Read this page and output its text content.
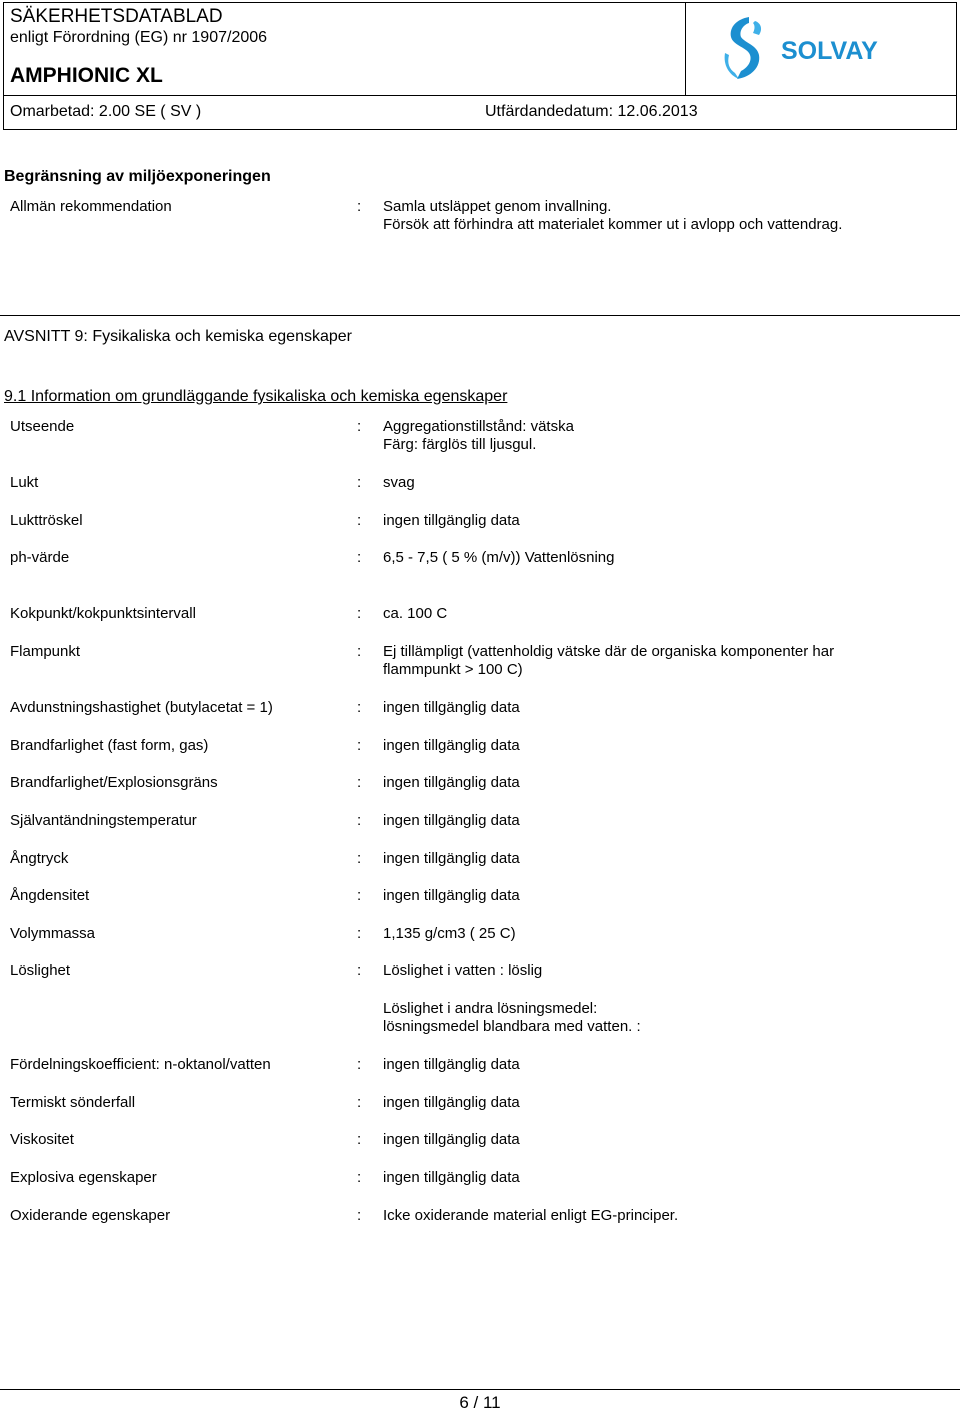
SÄKERHETSDATABLAD
enligt Förordning (EG) nr 1907/2006
AMPHIONIC XL
Omarbetad: 2.00 SE ( SV )	Utfärdandedatum: 12.06.2013
SOLVAY
Begränsning av miljöexponeringen
Allmän rekommendation	: Samla utsläppet genom invallning.
Försök att förhindra att materialet kommer ut i avlopp och vattendrag.
AVSNITT 9: Fysikaliska och kemiska egenskaper
9.1 Information om grundläggande fysikaliska och kemiska egenskaper
Utseende	: Aggregationstillstånd: vätska
Färg: färglös till ljusgul.
Lukt	: svag
Lukttröskel	: ingen tillgänglig data
ph-värde	: 6,5 - 7,5 ( 5 % (m/v)) Vattenlösning
Kokpunkt/kokpunktsintervall	: ca. 100 C
Flampunkt	: Ej tillämpligt (vattenholdig vätske där de organiska komponenter har
flammpunkt > 100 C)
Avdunstningshastighet (butylacetat = 1)	: ingen tillgänglig data
Brandfarlighet (fast form, gas)	: ingen tillgänglig data
Brandfarlighet/Explosionsgräns	: ingen tillgänglig data
Självantändningstemperatur	: ingen tillgänglig data
Ångtryck	: ingen tillgänglig data
Ångdensitet	: ingen tillgänglig data
Volymmassa	: 1,135 g/cm3 ( 25 C)
Löslighet	: Löslighet i vatten : löslig
Löslighet i andra lösningsmedel:
lösningsmedel blandbara med vatten. :
Fördelningskoefficient: n-oktanol/vatten	: ingen tillgänglig data
Termiskt sönderfall	: ingen tillgänglig data
Viskositet	: ingen tillgänglig data
Explosiva egenskaper	: ingen tillgänglig data
Oxiderande egenskaper	: Icke oxiderande material enligt EG-principer.
6 / 11
